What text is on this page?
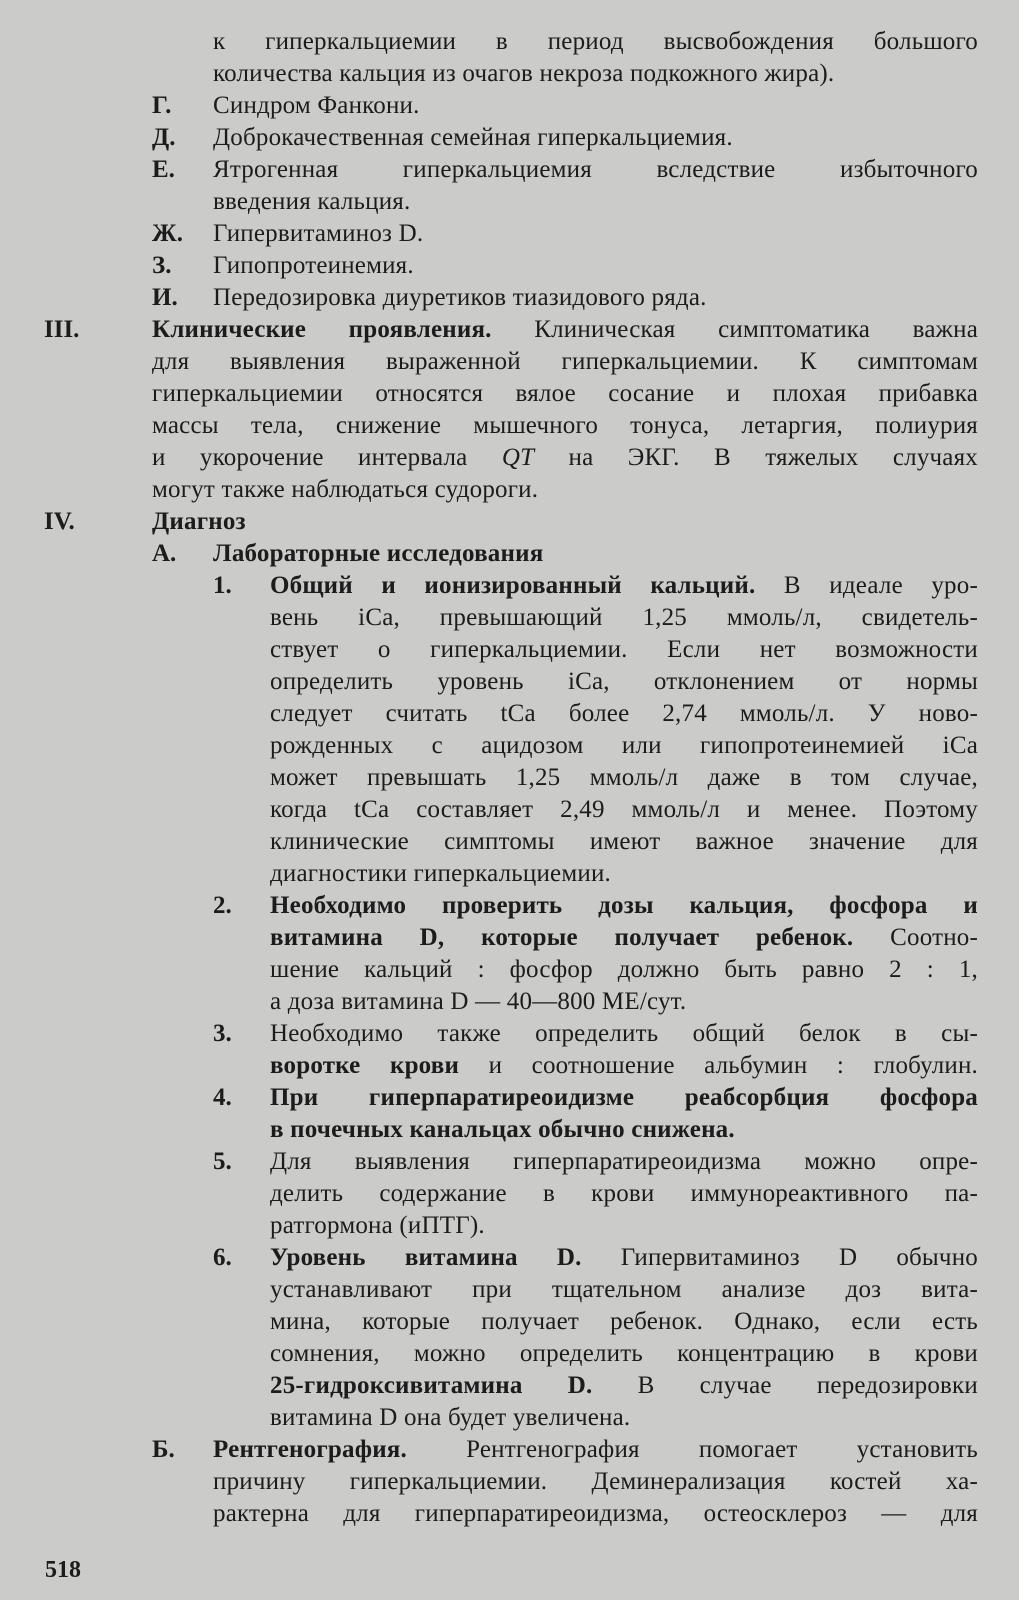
к гиперкальциемии в период высвобождения большого
количества кальция из очагов некроза подкожного жира).
Г. Синдром Фанкони.
Д. Доброкачественная семейная гиперкальциемия.
Е. Ятрогенная гиперкальциемия вследствие избыточного
введения кальция.
Ж. Гипервитаминоз D.
З. Гипопротеинемия.
И. Передозировка диуретиков тиазидового ряда.
III.	Клинические проявления. Клиническая симптоматика важна
для выявления выраженной гиперкальциемии. К симптомам
гиперкальциемии относятся вялое сосание и плохая прибавка
массы тела, снижение мышечного тонуса, летаргия, полиурия
и укорочение интервала QT на ЭКГ. В тяжелых случаях
могут также наблюдаться судороги.
IV.	Диагноз
А. Лабораторные исследования
1. Общий и ионизированный кальций. В идеале уро-
вень iCa, превышающий 1,25 ммоль/л, свидетель-
ствует о гиперкальциемии. Если нет возможности
определить уровень iCa, отклонением от нормы
следует считать tCa более 2,74 ммоль/л. У ново-
рожденных с ацидозом или гипопротеинемией iCa
может превышать 1,25 ммоль/л даже в том случае,
когда tCa составляет 2,49 ммоль/л и менее. Поэтому
клинические симптомы имеют важное значение для
диагностики гиперкальциемии.
2. Необходимо проверить дозы кальция, фосфора и
витамина D, которые получает ребенок. Соотно-
шение кальций : фосфор должно быть равно 2 : 1,
а доза витамина D — 40—800 МЕ/сут.
3. Необходимо также определить общий белок в сы-
воротке крови и соотношение альбумин : глобулин.
4. При гиперпаратиреоидизме реабсорбция фосфора
в почечных канальцах обычно снижена.
5. Для выявления гиперпаратиреоидизма можно опре-
делить содержание в крови иммунореактивного па-
ратгормона (иПТГ).
6. Уровень витамина D. Гипервитаминоз D обычно
устанавливают при тщательном анализе доз вита-
мина, которые получает ребенок. Однако, если есть
сомнения, можно определить концентрацию в крови
25-гидроксивитамина D. В случае передозировки
витамина D она будет увеличена.
Б. Рентгенография. Рентгенография помогает установить
причину гиперкальциемии. Деминерализация костей ха-
рактерна для гиперпаратиреоидизма, остеосклероз — для
518
